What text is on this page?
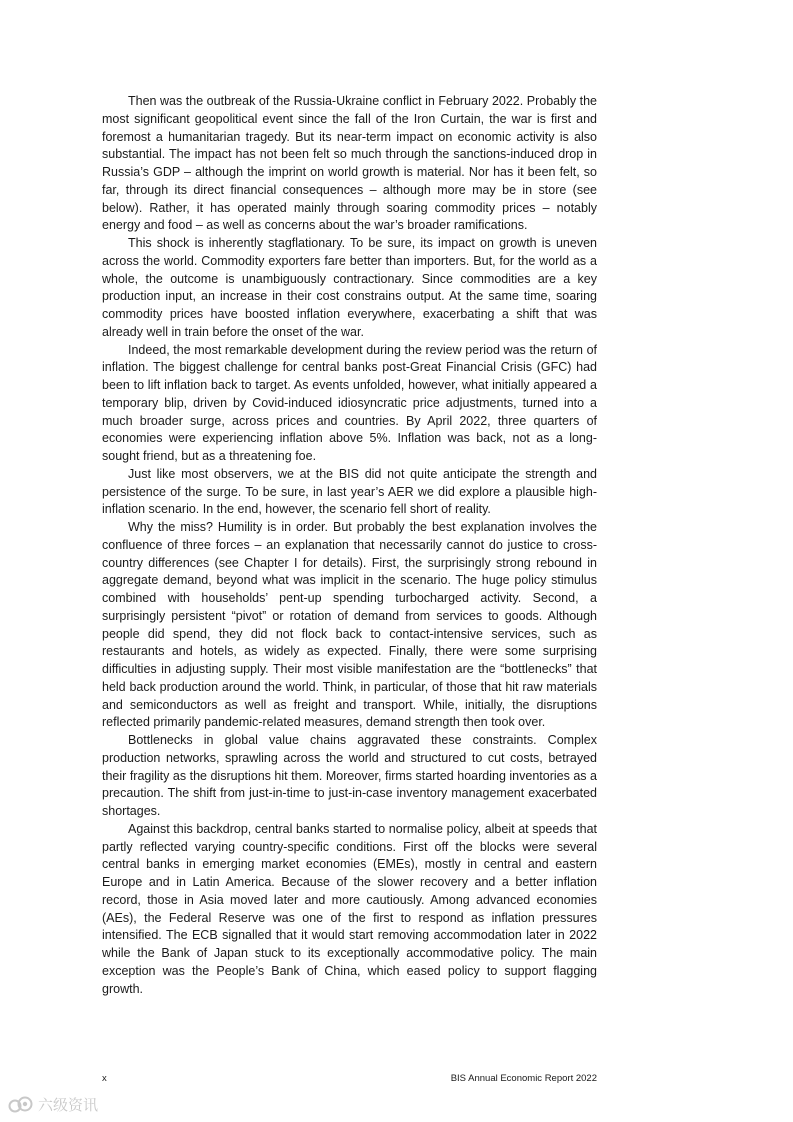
Then was the outbreak of the Russia-Ukraine conflict in February 2022. Probably the most significant geopolitical event since the fall of the Iron Curtain, the war is first and foremost a humanitarian tragedy. But its near-term impact on economic activity is also substantial. The impact has not been felt so much through the sanctions-induced drop in Russia’s GDP – although the imprint on world growth is material. Nor has it been felt, so far, through its direct financial consequences – although more may be in store (see below). Rather, it has operated mainly through soaring commodity prices – notably energy and food – as well as concerns about the war’s broader ramifications.

This shock is inherently stagflationary. To be sure, its impact on growth is uneven across the world. Commodity exporters fare better than importers. But, for the world as a whole, the outcome is unambiguously contractionary. Since commodities are a key production input, an increase in their cost constrains output. At the same time, soaring commodity prices have boosted inflation everywhere, exacerbating a shift that was already well in train before the onset of the war.

Indeed, the most remarkable development during the review period was the return of inflation. The biggest challenge for central banks post-Great Financial Crisis (GFC) had been to lift inflation back to target. As events unfolded, however, what initially appeared a temporary blip, driven by Covid-induced idiosyncratic price adjustments, turned into a much broader surge, across prices and countries. By April 2022, three quarters of economies were experiencing inflation above 5%. Inflation was back, not as a long-sought friend, but as a threatening foe.

Just like most observers, we at the BIS did not quite anticipate the strength and persistence of the surge. To be sure, in last year’s AER we did explore a plausible high-inflation scenario. In the end, however, the scenario fell short of reality.

Why the miss? Humility is in order. But probably the best explanation involves the confluence of three forces – an explanation that necessarily cannot do justice to cross-country differences (see Chapter I for details). First, the surprisingly strong rebound in aggregate demand, beyond what was implicit in the scenario. The huge policy stimulus combined with households’ pent-up spending turbocharged activity. Second, a surprisingly persistent “pivot” or rotation of demand from services to goods. Although people did spend, they did not flock back to contact-intensive services, such as restaurants and hotels, as widely as expected. Finally, there were some surprising difficulties in adjusting supply. Their most visible manifestation are the “bottlenecks” that held back production around the world. Think, in particular, of those that hit raw materials and semiconductors as well as freight and transport. While, initially, the disruptions reflected primarily pandemic-related measures, demand strength then took over.

Bottlenecks in global value chains aggravated these constraints. Complex production networks, sprawling across the world and structured to cut costs, betrayed their fragility as the disruptions hit them. Moreover, firms started hoarding inventories as a precaution. The shift from just-in-time to just-in-case inventory management exacerbated shortages.

Against this backdrop, central banks started to normalise policy, albeit at speeds that partly reflected varying country-specific conditions. First off the blocks were several central banks in emerging market economies (EMEs), mostly in central and eastern Europe and in Latin America. Because of the slower recovery and a better inflation record, those in Asia moved later and more cautiously. Among advanced economies (AEs), the Federal Reserve was one of the first to respond as inflation pressures intensified. The ECB signalled that it would start removing accommodation later in 2022 while the Bank of Japan stuck to its exceptionally accommodative policy. The main exception was the People’s Bank of China, which eased policy to support flagging growth.

x	BIS Annual Economic Report 2022
六级资讯
